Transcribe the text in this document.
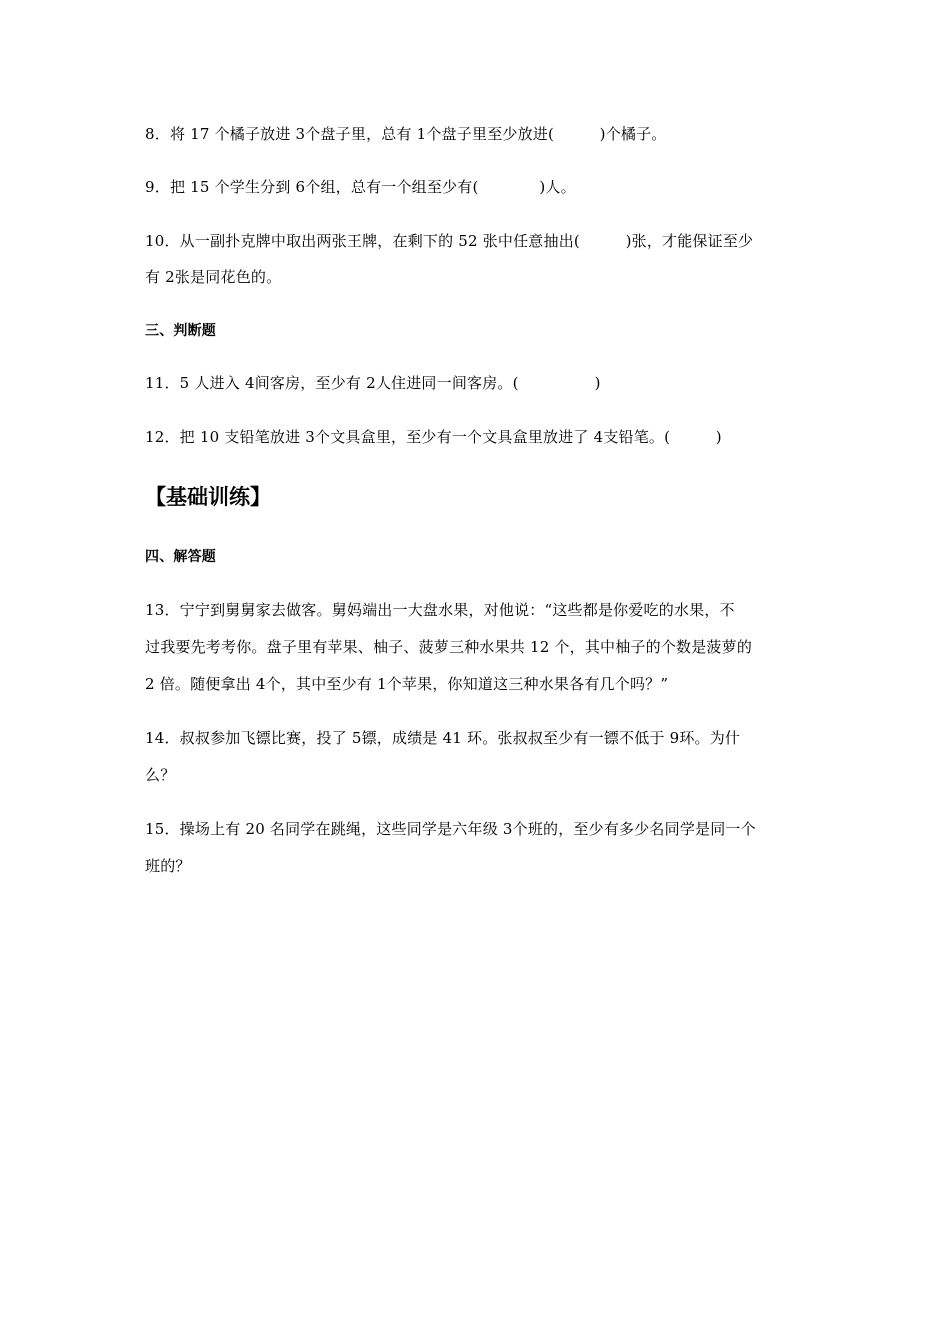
8．将 17 个橘子放进 3个盘子里，总有 1个盘子里至少放进(　　　)个橘子。
9．把 15 个学生分到 6个组，总有一个组至少有(　　　　)人。
10．从一副扑克牌中取出两张王牌，在剩下的 52 张中任意抽出(　　　)张，才能保证至少
有 2张是同花色的。
三、判断题
11．5 人进入 4间客房，至少有 2人住进同一间客房。(　　　　　)
12．把 10 支铅笔放进 3个文具盒里，至少有一个文具盒里放进了 4支铅笔。(　　　)
【基础训练】
四、解答题
13．宁宁到舅舅家去做客。舅妈端出一大盘水果，对他说：“这些都是你爱吃的水果，不
过我要先考考你。盘子里有苹果、柚子、菠萝三种水果共 12 个，其中柚子的个数是菠萝的
2 倍。随便拿出 4个，其中至少有 1个苹果，你知道这三种水果各有几个吗？”
14．叔叔参加飞镖比赛，投了 5镖，成绩是 41 环。张叔叔至少有一镖不低于 9环。为什
么？
15．操场上有 20 名同学在跳绳，这些同学是六年级 3个班的，至少有多少名同学是同一个
班的？
